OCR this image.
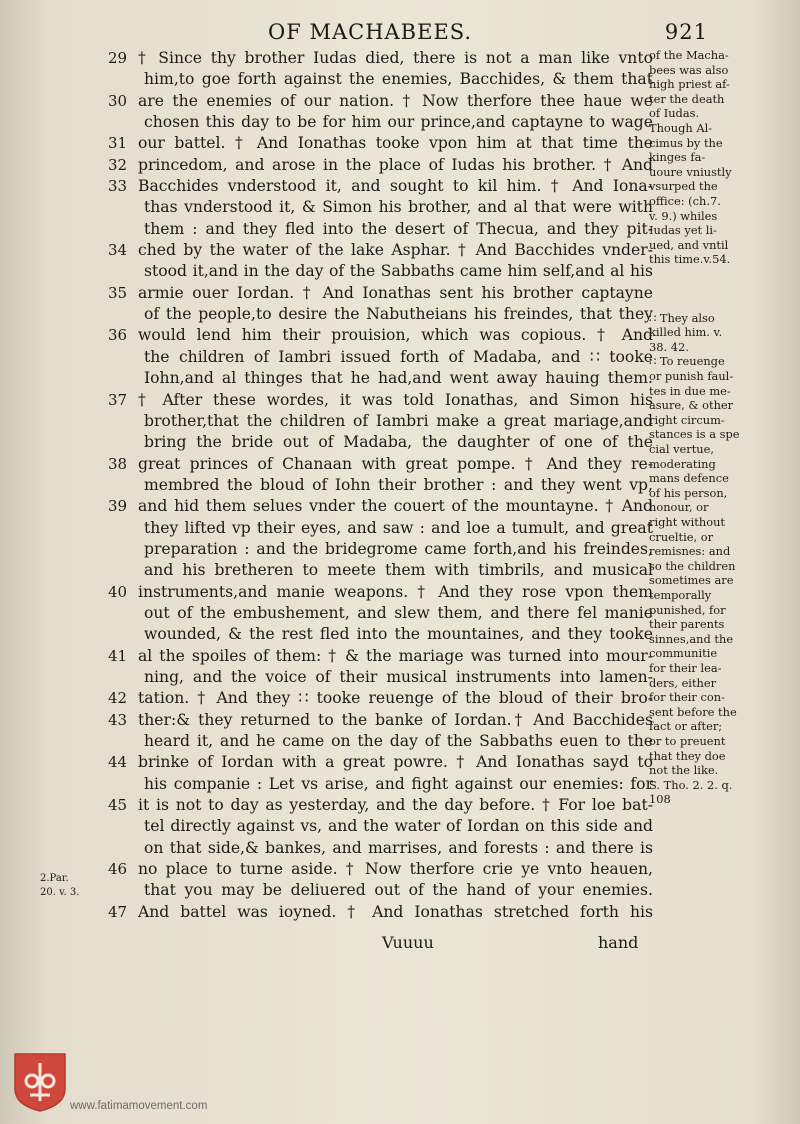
OF MACHABEES.	921
29 † Since thy brother Iudas died, there is not a man like vnto
him,to goe forth against the enemies, Bacchides, & them that
30 are the enemies of our nation. † Now therfore thee haue we
chosen this day to be for him our prince,and captayne to wage
31 our battel. † And Ionathas tooke vpon him at that time the
32 princedom, and arose in the place of Iudas his brother. † And
33 Bacchides vnderstood it, and sought to kil him. † And Iona-
thas vnderstood it, & Simon his brother, and al that were with
them : and they fled into the desert of Thecua, and they pit-
34 ched by the water of the lake Asphar. † And Bacchides vnder-
stood it,and in the day of the Sabbaths came him self,and al his
35 armie ouer Iordan. † And Ionathas sent his brother captayne
of the people,to desire the Nabutheians his freindes, that they
36 would lend him their prouision, which was copious. † And
the children of Iambri issued forth of Madaba, and ∷ tooke
Iohn,and al thinges that he had,and went away hauing them.
37 † After these wordes, it was told Ionathas, and Simon his
brother,that the children of Iambri make a great mariage,and
bring the bride out of Madaba, the daughter of one of the
38 great princes of Chanaan with great pompe. † And they re-
membred the bloud of Iohn their brother : and they went vp,
39 and hid them selues vnder the couert of the mountayne. † And
they lifted vp their eyes, and saw : and loe a tumult, and great
preparation : and the bridegrome came forth,and his freindes,
and his bretheren to meete them with timbrils, and musical
40 instruments,and manie weapons. † And they rose vpon them
out of the embushement, and slew them, and there fel manie
wounded, & the rest fled into the mountaines, and they tooke
41 al the spoiles of them: † & the mariage was turned into mour-
ning, and the voice of their musical instruments into lamen-
42 tation. † And they ∷ tooke reuenge of the bloud of their bro-
43 ther:& they returned to the banke of Iordan.† And Bacchides
heard it, and he came on the day of the Sabbaths euen to the
44 brinke of Iordan with a great powre. † And Ionathas sayd to
his companie : Let vs arise, and fight against our enemies: for
45 it is not to day as yesterday, and the day before. † For loe bat-
tel directly against vs, and the water of Iordan on this side and
on that side,& bankes, and marrises, and forests : and there is
46 no place to turne aside. † Now therfore crie ye vnto heauen,
that you may be deliuered out of the hand of your enemies.
47 And battel was ioyned. † And Ionathas stretched forth his
of the Macha-
bees was also
high priest af-
ter the death
of Iudas.
Though Al-
cimus by the
kinges fa-
uoure vniustly
vsurped the
office: (ch.7.
v. 9.) whiles
Iudas yet li-
ued, and vntil
this time.v.54.
∷ They also
killed him. v.
38. 42.
∷ To reuenge
or punish faul-
tes in due me-
asure, & other
right circum-
stances is a spe
cial vertue,
moderating
mans defence
of his person,
honour, or
right without
crueltie, or
remisnes: and
so the children
sometimes are
temporally
punished, for
their parents
sinnes,and the
communitie
for their lea-
ders, either
for their con-
sent before the
fact or after;
or to preuent
that they doe
not the like.
S. Tho. 2. 2. q.
108
2.Par.
20. v. 3.
Vuuuu	hand
www.fatimamovement.com
